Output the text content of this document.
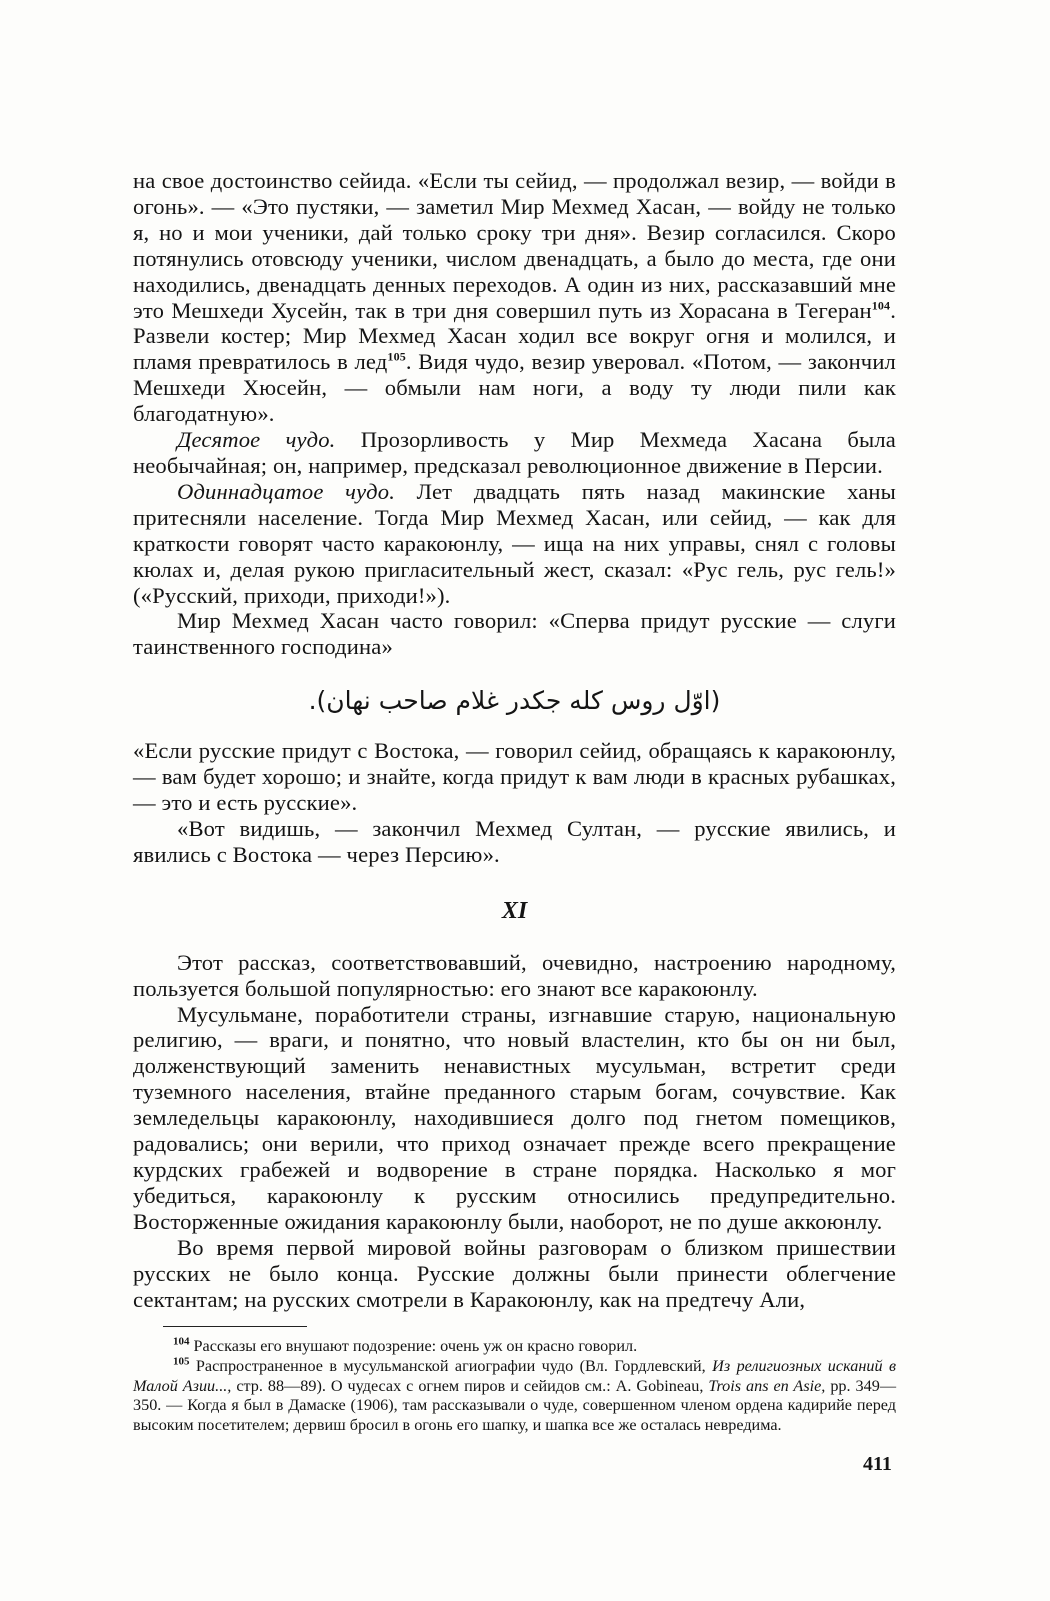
на свое достоинство сейида. «Если ты сейид, — продолжал везир, — войди в огонь». — «Это пустяки, — заметил Мир Мехмед Хасан, — войду не только я, но и мои ученики, дай только сроку три дня». Везир согласился. Скоро потянулись отовсюду ученики, числом двенадцать, а было до места, где они находились, двенадцать денных переходов. А один из них, рассказавший мне это Мешхеди Хусейн, так в три дня совершил путь из Хорасана в Тегеран$^{104}$. Развели костер; Мир Мехмед Хасан ходил все вокруг огня и молился, и пламя превратилось в лед$^{105}$. Видя чудо, везир уверовал. «Потом, — закончил Мешхеди Хюсейн, — обмыли нам ноги, а воду ту люди пили как благодатную».

Десятое чудо. Прозорливость у Мир Мехмеда Хасана была необычайная; он, например, предсказал революционное движение в Персии.

Одиннадцатое чудо. Лет двадцать пять назад макинские ханы притесняли население. Тогда Мир Мехмед Хасан, или сейид, — как для краткости говорят часто каракоюнлу, — ища на них управы, снял с головы кюлах и, делая рукою пригласительный жест, сказал: «Рус гель, рус гель!» («Русский, приходи, приходи!»).

Мир Мехмед Хасан часто говорил: «Сперва придут русские — слуги таинственного господина»

(اوّل روس کله جکدر غلام صاحب نهان).

«Если русские придут с Востока, — говорил сейид, обращаясь к каракоюнлу, — вам будет хорошо; и знайте, когда придут к вам люди в красных рубашках, — это и есть русские».

«Вот видишь, — закончил Мехмед Султан, — русские явились, и явились с Востока — через Персию».

XI

Этот рассказ, соответствовавший, очевидно, настроению народному, пользуется большой популярностью: его знают все каракоюнлу.

Мусульмане, поработители страны, изгнавшие старую, национальную религию, — враги, и понятно, что новый властелин, кто бы он ни был, долженствующий заменить ненавистных мусульман, встретит среди туземного населения, втайне преданного старым богам, сочувствие. Как земледельцы каракоюнлу, находившиеся долго под гнетом помещиков, радовались; они верили, что приход означает прежде всего прекращение курдских грабежей и водворение в стране порядка. Насколько я мог убедиться, каракоюнлу к русским относились предупредительно. Восторженные ожидания каракоюнлу были, наоборот, не по душе аккоюнлу.

Во время первой мировой войны разговорам о близком пришествии русских не было конца. Русские должны были принести облегчение сектантам; на русских смотрели в Каракоюнлу, как на предтечу Али,

$^{104}$ Рассказы его внушают подозрение: очень уж он красно говорил.

$^{105}$ Распространенное в мусульманской агиографии чудо (Вл. Гордлевский, Из религиозных исканий в Малой Азии..., стр. 88—89). О чудесах с огнем пиров и сейидов см.: A. Gobineau, Trois ans en Asie, pp. 349—350. — Когда я был в Дамаске (1906), там рассказывали о чуде, совершенном членом ордена кадирийе перед высоким посетителем; дервиш бросил в огонь его шапку, и шапка все же осталась невредима.

411
